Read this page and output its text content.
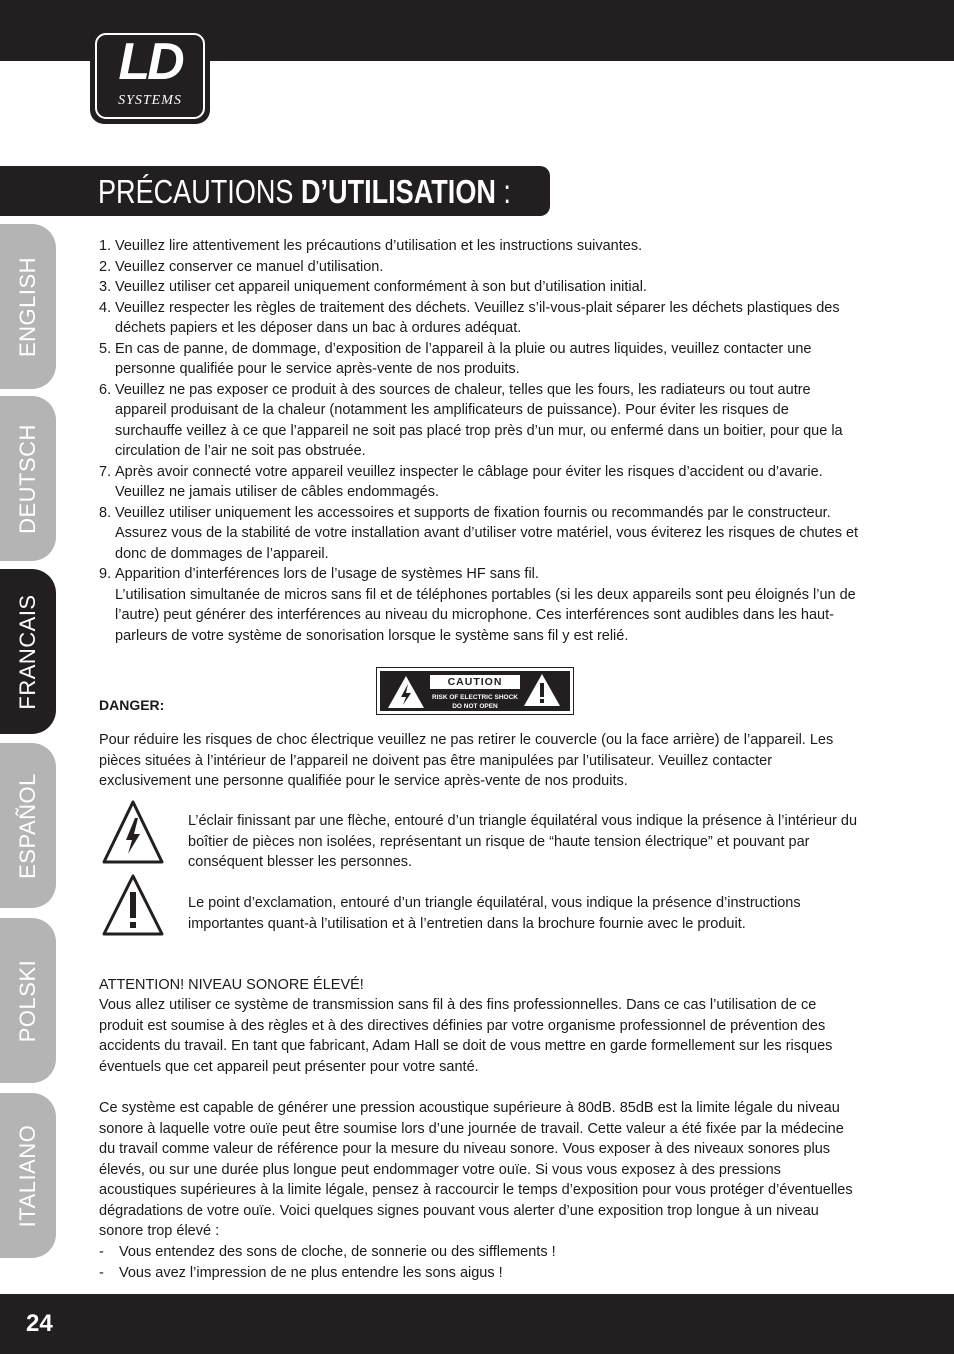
LD
SYSTEMS
PRÉCAUTIONS D’UTILISATION :
ENGLISH
DEUTSCH
FRANCAIS
ESPAÑOL
POLSKI
ITALIANO
1. Veuillez lire attentivement les précautions d’utilisation et les instructions suivantes.
2. Veuillez conserver ce manuel d’utilisation.
3. Veuillez utiliser cet appareil uniquement conformément à son but d’utilisation initial.
4. Veuillez respecter les règles de traitement des déchets. Veuillez s’il-vous-plait séparer les déchets plastiques des déchets papiers et les déposer dans un bac à ordures adéquat.
5. En cas de panne, de dommage, d’exposition de l’appareil à la pluie ou autres liquides, veuillez contacter une personne qualifiée pour le service après-vente de nos produits.
6. Veuillez ne pas exposer ce produit à des sources de chaleur, telles que les fours, les radiateurs ou tout autre appareil produisant de la chaleur (notamment les amplificateurs de puissance). Pour éviter les risques de surchauffe veillez à ce que l’appareil ne soit pas placé trop près d’un mur, ou enfermé dans un boitier, pour que la circulation de l’air ne soit pas obstruée.
7. Après avoir connecté votre appareil veuillez inspecter le câblage pour éviter les risques d’accident ou d’avarie. Veuillez ne jamais utiliser de câbles endommagés.
8. Veuillez utiliser uniquement les accessoires et supports de fixation fournis ou recommandés par le constructeur. Assurez vous de la stabilité de votre installation avant d’utiliser votre matériel, vous éviterez les risques de chutes et donc de dommages de l’appareil.
9. Apparition d’interférences lors de l’usage de systèmes HF sans fil.
L’utilisation simultanée de micros sans fil et de téléphones portables (si les deux appareils sont peu éloignés l’un de l’autre) peut générer des interférences au niveau du microphone. Ces interférences sont audibles dans les haut-parleurs de votre système de sonorisation lorsque le système sans fil y est relié.
DANGER:
CAUTION
RISK OF ELECTRIC SHOCK
DO NOT OPEN
Pour réduire les risques de choc électrique veuillez ne pas retirer le couvercle (ou la face arrière) de l’appareil. Les pièces situées à l’intérieur de l’appareil ne doivent pas être manipulées par l’utilisateur. Veuillez contacter exclusivement une personne qualifiée pour le service après-vente de nos produits.
L’éclair finissant par une flèche, entouré d’un triangle équilatéral vous indique la présence à l’intérieur du boîtier de pièces non isolées, représentant un risque de “haute tension électrique” et pouvant par conséquent blesser les personnes.
Le point d’exclamation, entouré d’un triangle équilatéral, vous indique la présence d’instructions importantes quant-à l’utilisation et à l’entretien dans la brochure fournie avec le produit.
ATTENTION! NIVEAU SONORE ÉLEVÉ!
Vous allez utiliser ce système de transmission sans fil à des fins professionnelles. Dans ce cas l’utilisation de ce produit est soumise à des règles et à des directives définies par votre organisme professionnel de prévention des accidents du travail. En tant que fabricant, Adam Hall se doit de vous mettre en garde formellement sur les risques éventuels que cet appareil peut présenter pour votre santé.
Ce système est capable de générer une pression acoustique supérieure à 80dB. 85dB est la limite légale du niveau sonore à laquelle votre ouïe peut être soumise lors d’une journée de travail. Cette valeur a été fixée par la médecine du travail comme valeur de référence pour la mesure du niveau sonore. Vous exposer à des niveaux sonores plus élevés, ou sur une durée plus longue peut endommager votre ouïe. Si vous vous exposez à des pressions acoustiques supérieures à la limite légale, pensez à raccourcir le temps d’exposition pour vous protéger d’éventuelles dégradations de votre ouïe. Voici quelques signes pouvant vous alerter d’une exposition trop longue à un niveau sonore trop élevé :
- Vous entendez des sons de cloche, de sonnerie ou des sifflements !
- Vous avez l’impression de ne plus entendre les sons aigus !
24
